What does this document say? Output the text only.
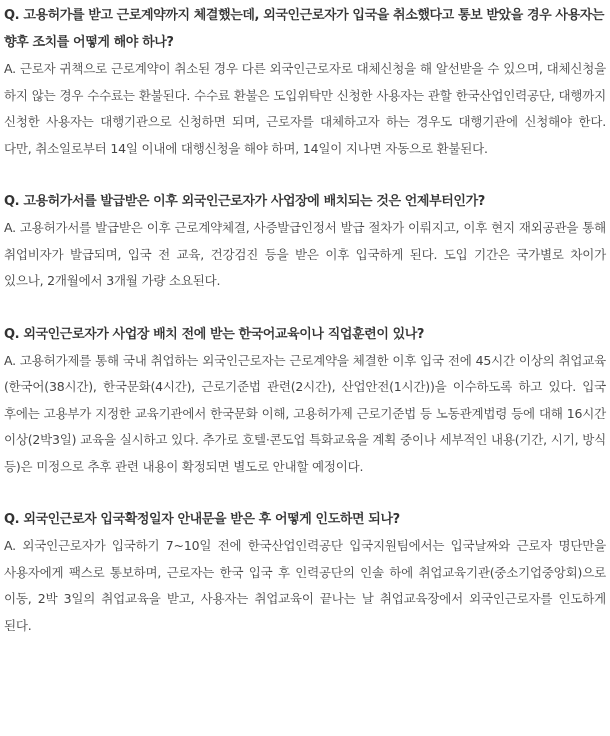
Q. 고용허가를 받고 근로계약까지 체결했는데, 외국인근로자가 입국을 취소했다고 통보 받았을 경우 사용자는 향후 조치를 어떻게 해야 하나?

A. 근로자 귀책으로 근로계약이 취소된 경우 다른 외국인근로자로 대체신청을 해 알선받을 수 있으며, 대체신청을 하지 않는 경우 수수료는 환불된다. 수수료 환불은 도입위탁만 신청한 사용자는 관할 한국산업인력공단, 대행까지 신청한 사용자는 대행기관으로 신청하면 되며, 근로자를 대체하고자 하는 경우도 대행기관에 신청해야 한다. 다만, 취소일로부터 14일 이내에 대행신청을 해야 하며, 14일이 지나면 자동으로 환불된다.

Q. 고용허가서를 발급받은 이후 외국인근로자가 사업장에 배치되는 것은 언제부터인가?

A. 고용허가서를 발급받은 이후 근로계약체결, 사증발급인정서 발급 절차가 이뤄지고, 이후 현지 재외공관을 통해 취업비자가 발급되며, 입국 전 교육, 건강검진 등을 받은 이후 입국하게 된다. 도입 기간은 국가별로 차이가 있으나, 2개월에서 3개월 가량 소요된다.

Q. 외국인근로자가 사업장 배치 전에 받는 한국어교육이나 직업훈련이 있나?

A. 고용허가제를 통해 국내 취업하는 외국인근로자는 근로계약을 체결한 이후 입국 전에 45시간 이상의 취업교육(한국어(38시간), 한국문화(4시간), 근로기준법 관련(2시간), 산업안전(1시간))을 이수하도록 하고 있다. 입국 후에는 고용부가 지정한 교육기관에서 한국문화 이해, 고용허가제 근로기준법 등 노동관계법령 등에 대해 16시간 이상(2박3일) 교육을 실시하고 있다. 추가로 호텔·콘도업 특화교육을 계획 중이나 세부적인 내용(기간, 시기, 방식 등)은 미정으로 추후 관련 내용이 확정되면 별도로 안내할 예정이다.

Q. 외국인근로자 입국확정일자 안내문을 받은 후 어떻게 인도하면 되나?

A. 외국인근로자가 입국하기 7~10일 전에 한국산업인력공단 입국지원팀에서는 입국날짜와 근로자 명단만을 사용자에게 팩스로 통보하며, 근로자는 한국 입국 후 인력공단의 인솔 하에 취업교육기관(중소기업중앙회)으로 이동, 2박 3일의 취업교육을 받고, 사용자는 취업교육이 끝나는 날 취업교육장에서 외국인근로자를 인도하게 된다.
